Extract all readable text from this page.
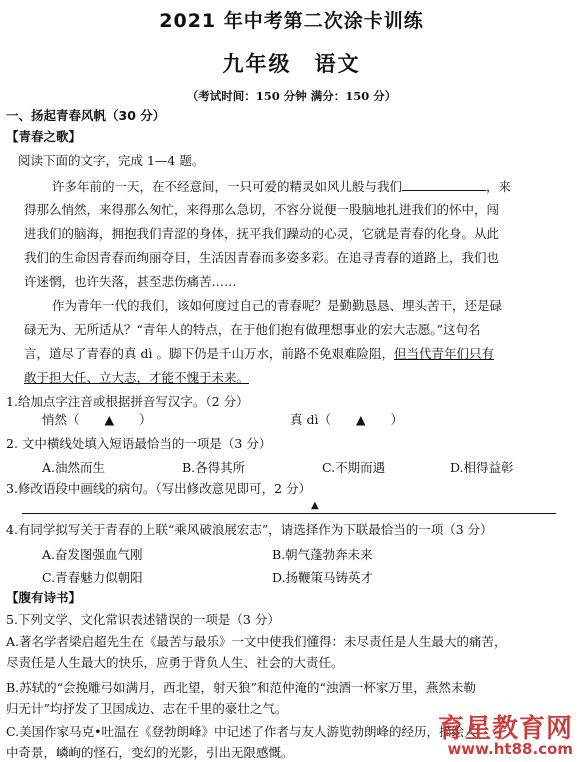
2021 年中考第二次涂卡训练
九年级　语文
（考试时间：150 分钟 满分：150 分）
一、扬起青春风帆（30 分）
【青春之歌】
阅读下面的文字，完成 1—4 题。
许多年前的一天，在不经意间，一只可爱的精灵如风儿般与我们	，来
得那么悄然，来得那么匆忙，来得那么急切，不容分说便一股脑地扎进我们的怀中，闯
进我们的脑海，拥抱我们青涩的身体，抚平我们躁动的心灵，它就是青春的化身。从此
我们的生命因青春而绚丽夺目，生活因青春而多姿多彩。在追寻青春的道路上，我们也
许迷惘，也许失落，甚至悲伤痛苦……
作为青年一代的我们，该如何度过自己的青春呢？是勤勤恳恳、埋头苦干，还是碌
碌无为、无所适从？“青年人的特点，在于他们抱有做理想事业的宏大志愿。”这句名
言，道尽了青春的真 dì 。脚下仍是千山万水，前路不免艰难险阻，但当代青年们只有
敢于担大任、立大志，才能不愧于未来。
1.给加点字注音或根据拼音写汉字。（2 分）
悄然（　　▲　　）	真 dì（　　▲　　）
2. 文中横线处填入短语最恰当的一项是（3 分）
A.油然而生	B.各得其所	C.不期而遇	D.相得益彰
3.修改语段中画线的病句。（写出修改意见即可，2 分）
▲
4.有同学拟写关于青春的上联“乘风破浪展宏志”，请选择作为下联最恰当的一项（3 分）
A.奋发图强血气刚	B.朝气蓬勃奔未来
C.青春魅力似朝阳	D.扬鞭策马铸英才
【腹有诗书】
5.下列文学、文化常识表述错误的一项是（3 分）
A.著名学者梁启超先生在《最苦与最乐》一文中使我们懂得：未尽责任是人生最大的痛苦，
尽责任是人生最大的快乐，应勇于背负人生、社会的大责任。
B.苏轼的“会挽雕弓如满月，西北望，射天狼”和范仲淹的“浊酒一杯家万里，燕然未勒
归无计”均抒发了卫国成边、志在千里的豪壮之气。
C.美国作家马克•吐温在《登勃朗峰》中记述了作者与友人游览勃朗峰的经历，描绘人
中奇景，嶙峋的怪石，变幻的光影，引出无限感慨。
育星教育网
www.ht88.com
